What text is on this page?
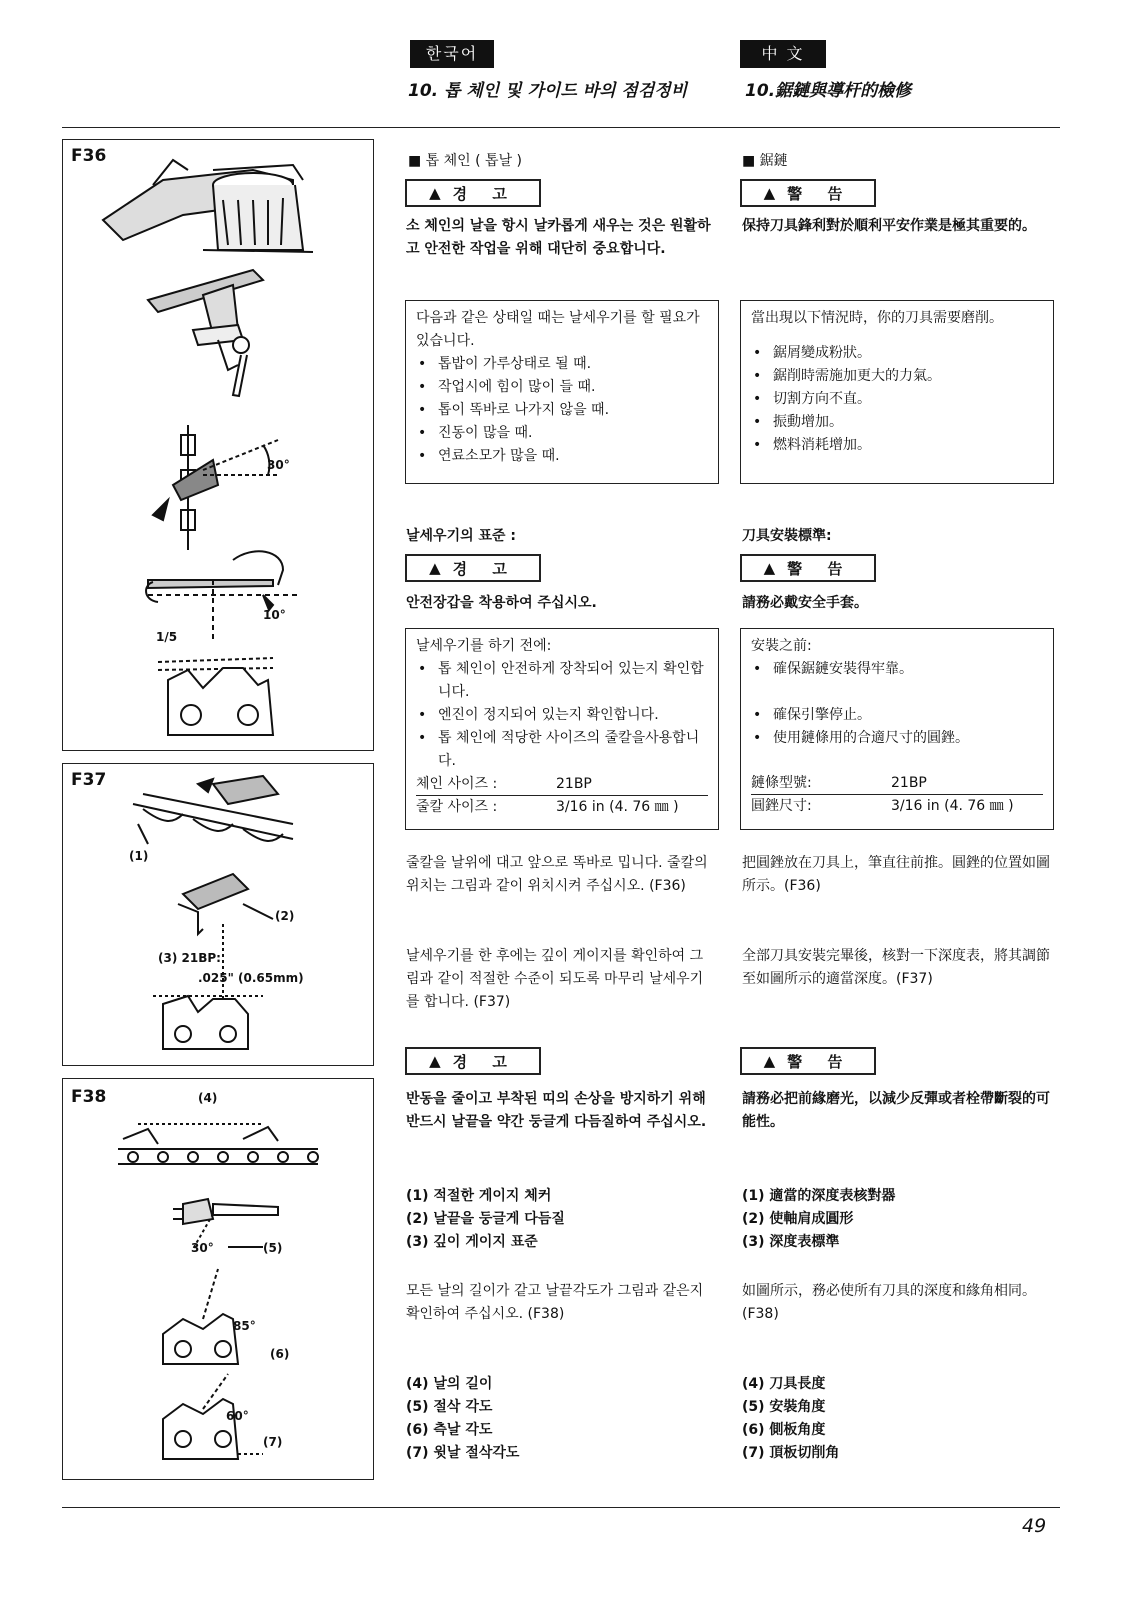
한국어	中 文
10. 톱 체인 및 가이드 바의 점검정비	10.鋸鏈與導杆的檢修
F36
30°
10°
1/5
F37
(1)
(2)
(3) 21BP:
.025" (0.65mm)
F38	(4)
30°	(5)
85°
(6)
60°
(7)
■ 톱 체인 ( 톱날 )
▲ 경 고
소 체인의 날을 항시 날카롭게 새우는 것은 원활하고 안전한 작업을 위해 대단히 중요합니다.
다음과 같은 상태일 때는 날세우기를 할 필요가 있습니다.
• 톱밥이 가루상태로 될 때.
• 작업시에 힘이 많이 들 때.
• 톱이 똑바로 나가지 않을 때.
• 진동이 많을 때.
• 연료소모가 많을 때.
날세우기의 표준 :
▲ 경 고
안전장갑을 착용하여 주십시오.
날세우기를 하기 전에:
• 톱 체인이 안전하게 장착되어 있는지 확인합니다.
• 엔진이 정지되어 있는지 확인합니다.
• 톱 체인에 적당한 사이즈의 줄칼을사용합니다.
체인 사이즈 :	21BP
줄칼 사이즈 :	3/16 in (4. 76 ㎜ )
줄칼을 날위에 대고 앞으로 똑바로 밉니다. 줄칼의 위치는 그림과 같이 위치시켜 주십시오. (F36)
날세우기를 한 후에는 깊이 게이지를 확인하여 그림과 같이 적절한 수준이 되도록 마무리 날세우기를 합니다. (F37)
▲ 경 고
반동을 줄이고 부착된 띠의 손상을 방지하기 위해 반드시 날끝을 약간 둥글게 다듬질하여 주십시오.
(1) 적절한 게이지 체커
(2) 날끝을 둥글게 다듬질
(3) 깊이 게이지 표준
모든 날의 길이가 같고 날끝각도가 그림과 같은지 확인하여 주십시오. (F38)
(4) 날의 길이
(5) 절삭 각도
(6) 측날 각도
(7) 윗날 절삭각도
■ 鋸鏈
▲ 警 告
保持刀具鋒利對於順利平安作業是極其重要的。
當出現以下情況時，你的刀具需要磨削。
• 鋸屑變成粉狀。
• 鋸削時需施加更大的力氣。
• 切割方向不直。
• 振動增加。
• 燃料消耗增加。
刀具安裝標準:
▲ 警 告
請務必戴安全手套。
安裝之前:
• 確保鋸鏈安裝得牢靠。
• 確保引擎停止。
• 使用鏈條用的合適尺寸的圓銼。
鏈條型號:	21BP
圓銼尺寸:	3/16 in (4. 76 ㎜ )
把圓銼放在刀具上，筆直往前推。圓銼的位置如圖所示。(F36)
全部刀具安裝完畢後，核對一下深度表，將其調節至如圖所示的適當深度。(F37)
▲ 警 告
請務必把前緣磨光，以減少反彈或者栓帶斷裂的可能性。
(1) 適當的深度表核對器
(2) 使軸肩成圓形
(3) 深度表標準
如圖所示，務必使所有刀具的深度和緣角相同。(F38)
(4) 刀具長度
(5) 安裝角度
(6) 側板角度
(7) 頂板切削角
49
